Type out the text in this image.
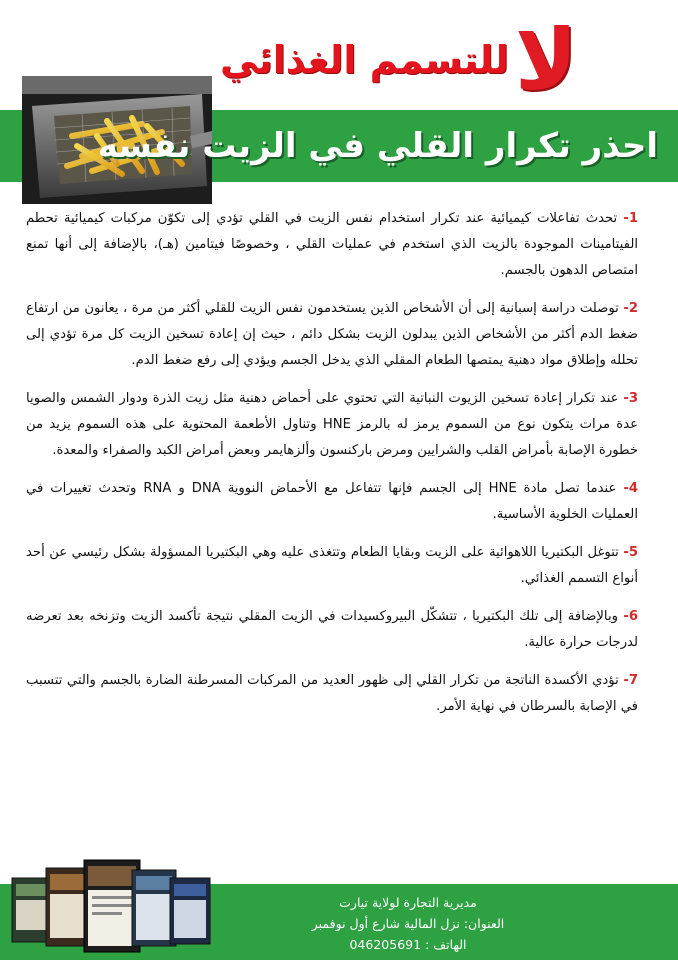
لا
للتسمم الغذائي
احذر تكرار القلي في الزيت نفسه

1- تحدث تفاعلات كيميائية عند تكرار استخدام نفس الزيت في القلي تؤدي إلى تكوّن مركبات كيميائية تحطم الفيتامينات الموجودة بالزيت الذي استخدم في عمليات القلي ، وخصوصًا فيتامين (هـ)، بالإضافة إلى أنها تمنع امتصاص الدهون بالجسم.

2- توصلت دراسة إسبانية إلى أن الأشخاص الذين يستخدمون نفس الزيت للقلي أكثر من مرة ، يعانون من ارتفاع ضغط الدم أكثر من الأشخاص الذين يبدلون الزيت بشكل دائم ، حيث إن إعادة تسخين الزيت كل مرة تؤدي إلى تحلله وإطلاق مواد دهنية يمتصها الطعام المقلي الذي يدخل الجسم ويؤدي إلى رفع ضغط الدم.

3- عند تكرار إعادة تسخين الزيوت النباتية التي تحتوي على أحماض دهنية مثل زيت الذرة ودوار الشمس والصويا عدة مرات يتكون نوع من السموم يرمز له بالرمز HNE وتناول الأطعمة المحتوية على هذه السموم يزيد من خطورة الإصابة بأمراض القلب والشرايين ومرض باركنسون وألزهايمر وبعض أمراض الكبد والصفراء والمعدة.

4- عندما تصل مادة HNE إلى الجسم فإنها تتفاعل مع الأحماض النووية DNA و RNA وتحدث تغييرات في العمليات الخلوية الأساسية.

5- تتوغل البكتيريا اللاهوائية على الزيت وبقايا الطعام وتتغذى عليه وهي البكتيريا المسؤولة بشكل رئيسي عن أحد أنواع التسمم الغذائي.

6- وبالإضافة إلى تلك البكتيريا ، تتشكّل البيروكسيدات في الزيت المقلي نتيجة تأكسد الزيت وتزنخه بعد تعرضه لدرجات حرارة عالية.

7- تؤدي الأكسدة الناتجة من تكرار القلي إلى ظهور العديد من المركبات المسرطنة الضارة بالجسم والتي تتسبب في الإصابة بالسرطان في نهاية الأمر.

مديرية التجارة لولاية تيارت
العنوان: نزل المالية شارع أول نوفمبر
الهاتف : 046205691
